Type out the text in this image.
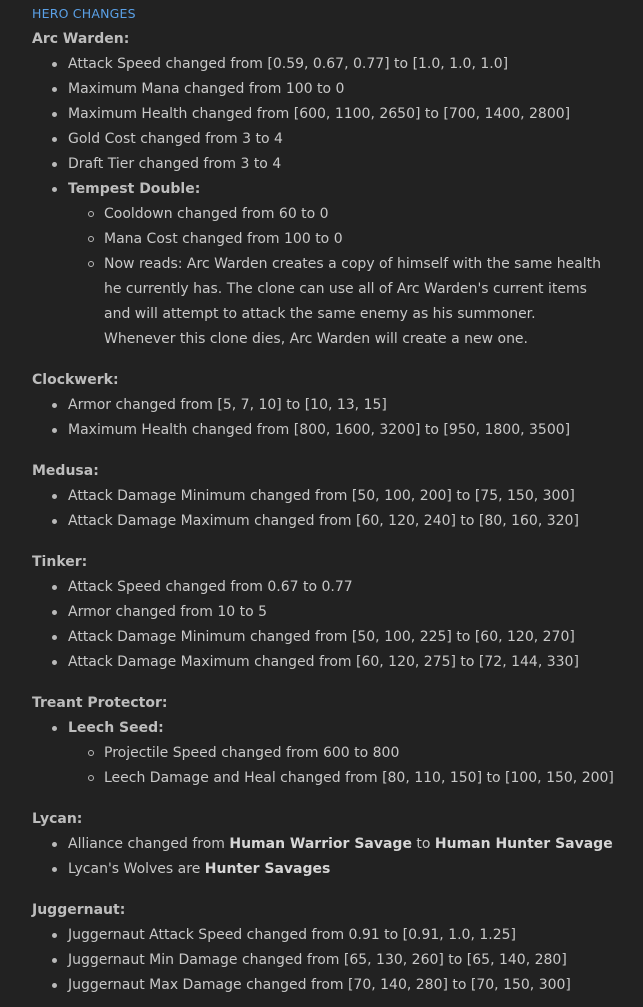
HERO CHANGES
Arc Warden:
Attack Speed changed from [0.59, 0.67, 0.77] to [1.0, 1.0, 1.0]
Maximum Mana changed from 100 to 0
Maximum Health changed from [600, 1100, 2650] to [700, 1400, 2800]
Gold Cost changed from 3 to 4
Draft Tier changed from 3 to 4
Tempest Double:
Cooldown changed from 60 to 0
Mana Cost changed from 100 to 0
Now reads: Arc Warden creates a copy of himself with the same health he currently has. The clone can use all of Arc Warden's current items and will attempt to attack the same enemy as his summoner. Whenever this clone dies, Arc Warden will create a new one.
Clockwerk:
Armor changed from [5, 7, 10] to [10, 13, 15]
Maximum Health changed from [800, 1600, 3200] to [950, 1800, 3500]
Medusa:
Attack Damage Minimum changed from [50, 100, 200] to [75, 150, 300]
Attack Damage Maximum changed from [60, 120, 240] to [80, 160, 320]
Tinker:
Attack Speed changed from 0.67 to 0.77
Armor changed from 10 to 5
Attack Damage Minimum changed from [50, 100, 225] to [60, 120, 270]
Attack Damage Maximum changed from [60, 120, 275] to [72, 144, 330]
Treant Protector:
Leech Seed:
Projectile Speed changed from 600 to 800
Leech Damage and Heal changed from [80, 110, 150] to [100, 150, 200]
Lycan:
Alliance changed from Human Warrior Savage to Human Hunter Savage
Lycan's Wolves are Hunter Savages
Juggernaut:
Juggernaut Attack Speed changed from 0.91 to [0.91, 1.0, 1.25]
Juggernaut Min Damage changed from [65, 130, 260] to [65, 140, 280]
Juggernaut Max Damage changed from [70, 140, 280] to [70, 150, 300]
